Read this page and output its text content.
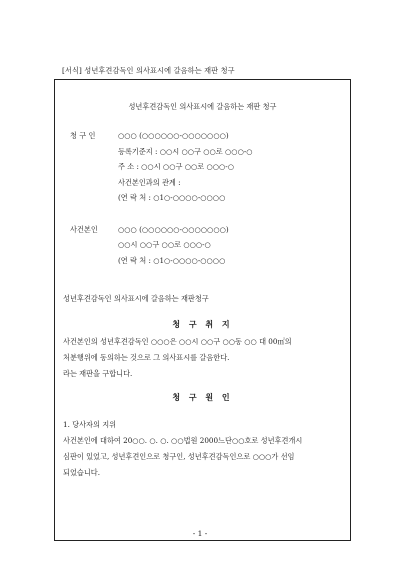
[서식] 성년후견감독인 의사표시에 갈음하는 재판 청구
성년후견감독인 의사표시에 갈음하는 재판 청구
청 구 인	○○○ (○○○○○○-○○○○○○○)
등록기준지 : ○○시 ○○구 ○○로 ○○○-○
주 소 : ○○시 ○○구 ○○로 ○○○-○
사건본인과의 관계 :
(연 락 처 : ○1○-○○○○-○○○○
사건본인	○○○ (○○○○○○-○○○○○○○)
○○시 ○○구 ○○로 ○○○-○
(연 락 처 : ○1○-○○○○-○○○○
성년후견감독인 의사표시에 갈음하는 재판청구
청 구 취 지
사건본인의 성년후견감독인 ○○○은 ○○시 ○○구 ○○동 ○○ 대 00㎡의
처분행위에 동의하는 것으로 그 의사표시를 갈음한다.
라는 재판을 구합니다.
청 구 원 인
1. 당사자의 지위
사건본인에 대하여 20○○. ○. ○. ○○법원 2000느단○○호로 성년후견개시
심판이 있었고, 성년후견인으로 청구인, 성년후견감독인으로 ○○○가 선임
되었습니다.
- 1 -
